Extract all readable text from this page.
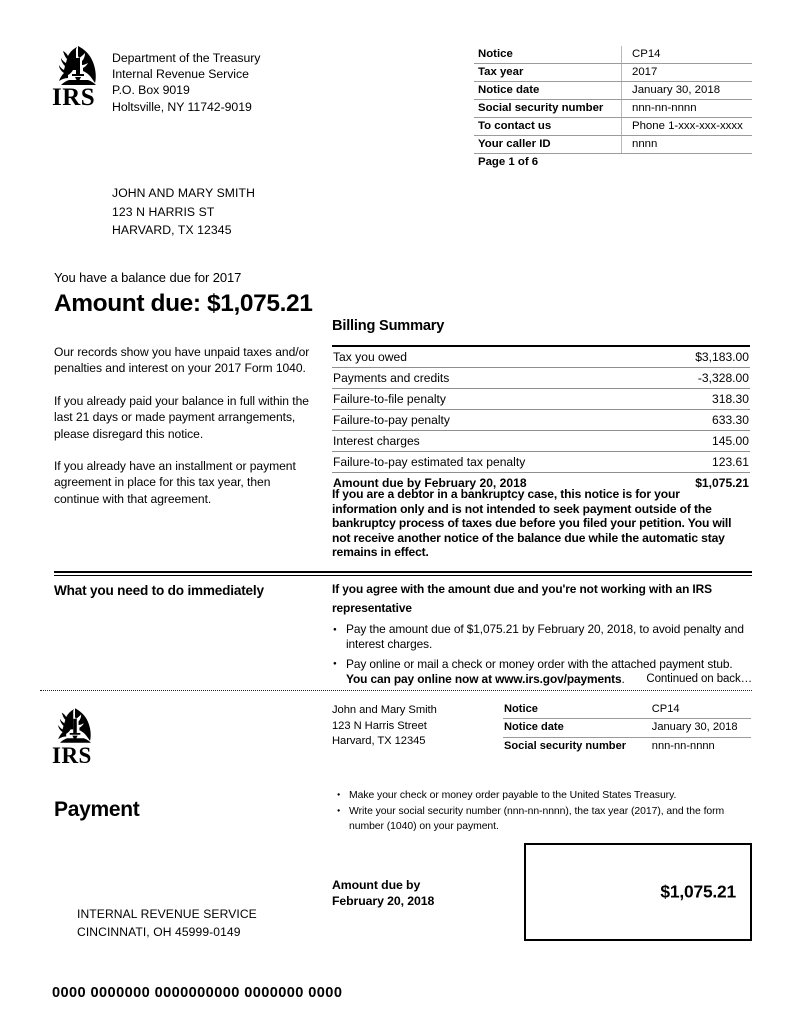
IRS
Department of the Treasury
Internal Revenue Service
P.O. Box 9019
Holtsville, NY 11742-9019
Notice	CP14
Tax year	2017
Notice date	January 30, 2018
Social security number	nnn-nn-nnnn
To contact us	Phone 1-xxx-xxx-xxxx
Your caller ID	nnnn
Page 1 of 6	
JOHN AND MARY SMITH
123 N HARRIS ST
HARVARD, TX 12345
You have a balance due for 2017
Amount due: $1,075.21

Our records show you have unpaid taxes and/or penalties and interest on your 2017 Form 1040.

If you already paid your balance in full within the last 21 days or made payment arrangements, please disregard this notice.

If you already have an installment or payment agreement in place for this tax year, then continue with that agreement.

Billing Summary
Tax you owed	$3,183.00
Payments and credits	-3,328.00
Failure-to-file penalty	318.30
Failure-to-pay penalty	633.30
Interest charges	145.00
Failure-to-pay estimated tax penalty	123.61
Amount due by February 20, 2018	$1,075.21
If you are a debtor in a bankruptcy case, this notice is for your information only and is not intended to seek payment outside of the bankruptcy process of taxes due before you filed your petition. You will not receive another notice of the balance due while the automatic stay remains in effect.
What you need to do immediately	If you agree with the amount due and you're not working with an IRS representative
● Pay the amount due of $1,075.21 by February 20, 2018, to avoid penalty and interest charges.
● Pay online or mail a check or money order with the attached payment stub. You can pay online now at www.irs.gov/payments.	Continued on back…
IRS
John and Mary Smith
123 N Harris Street
Harvard, TX 12345
Notice	CP14
Notice date	January 30, 2018
Social security number	nnn-nn-nnnn
Payment
● Make your check or money order payable to the United States Treasury.
● Write your social security number (nnn-nn-nnnn), the tax year (2017), and the form number (1040) on your payment.
Amount due by
February 20, 2018	$1,075.21
INTERNAL REVENUE SERVICE
CINCINNATI, OH 45999-0149
0000 0000000 0000000000 0000000 0000
